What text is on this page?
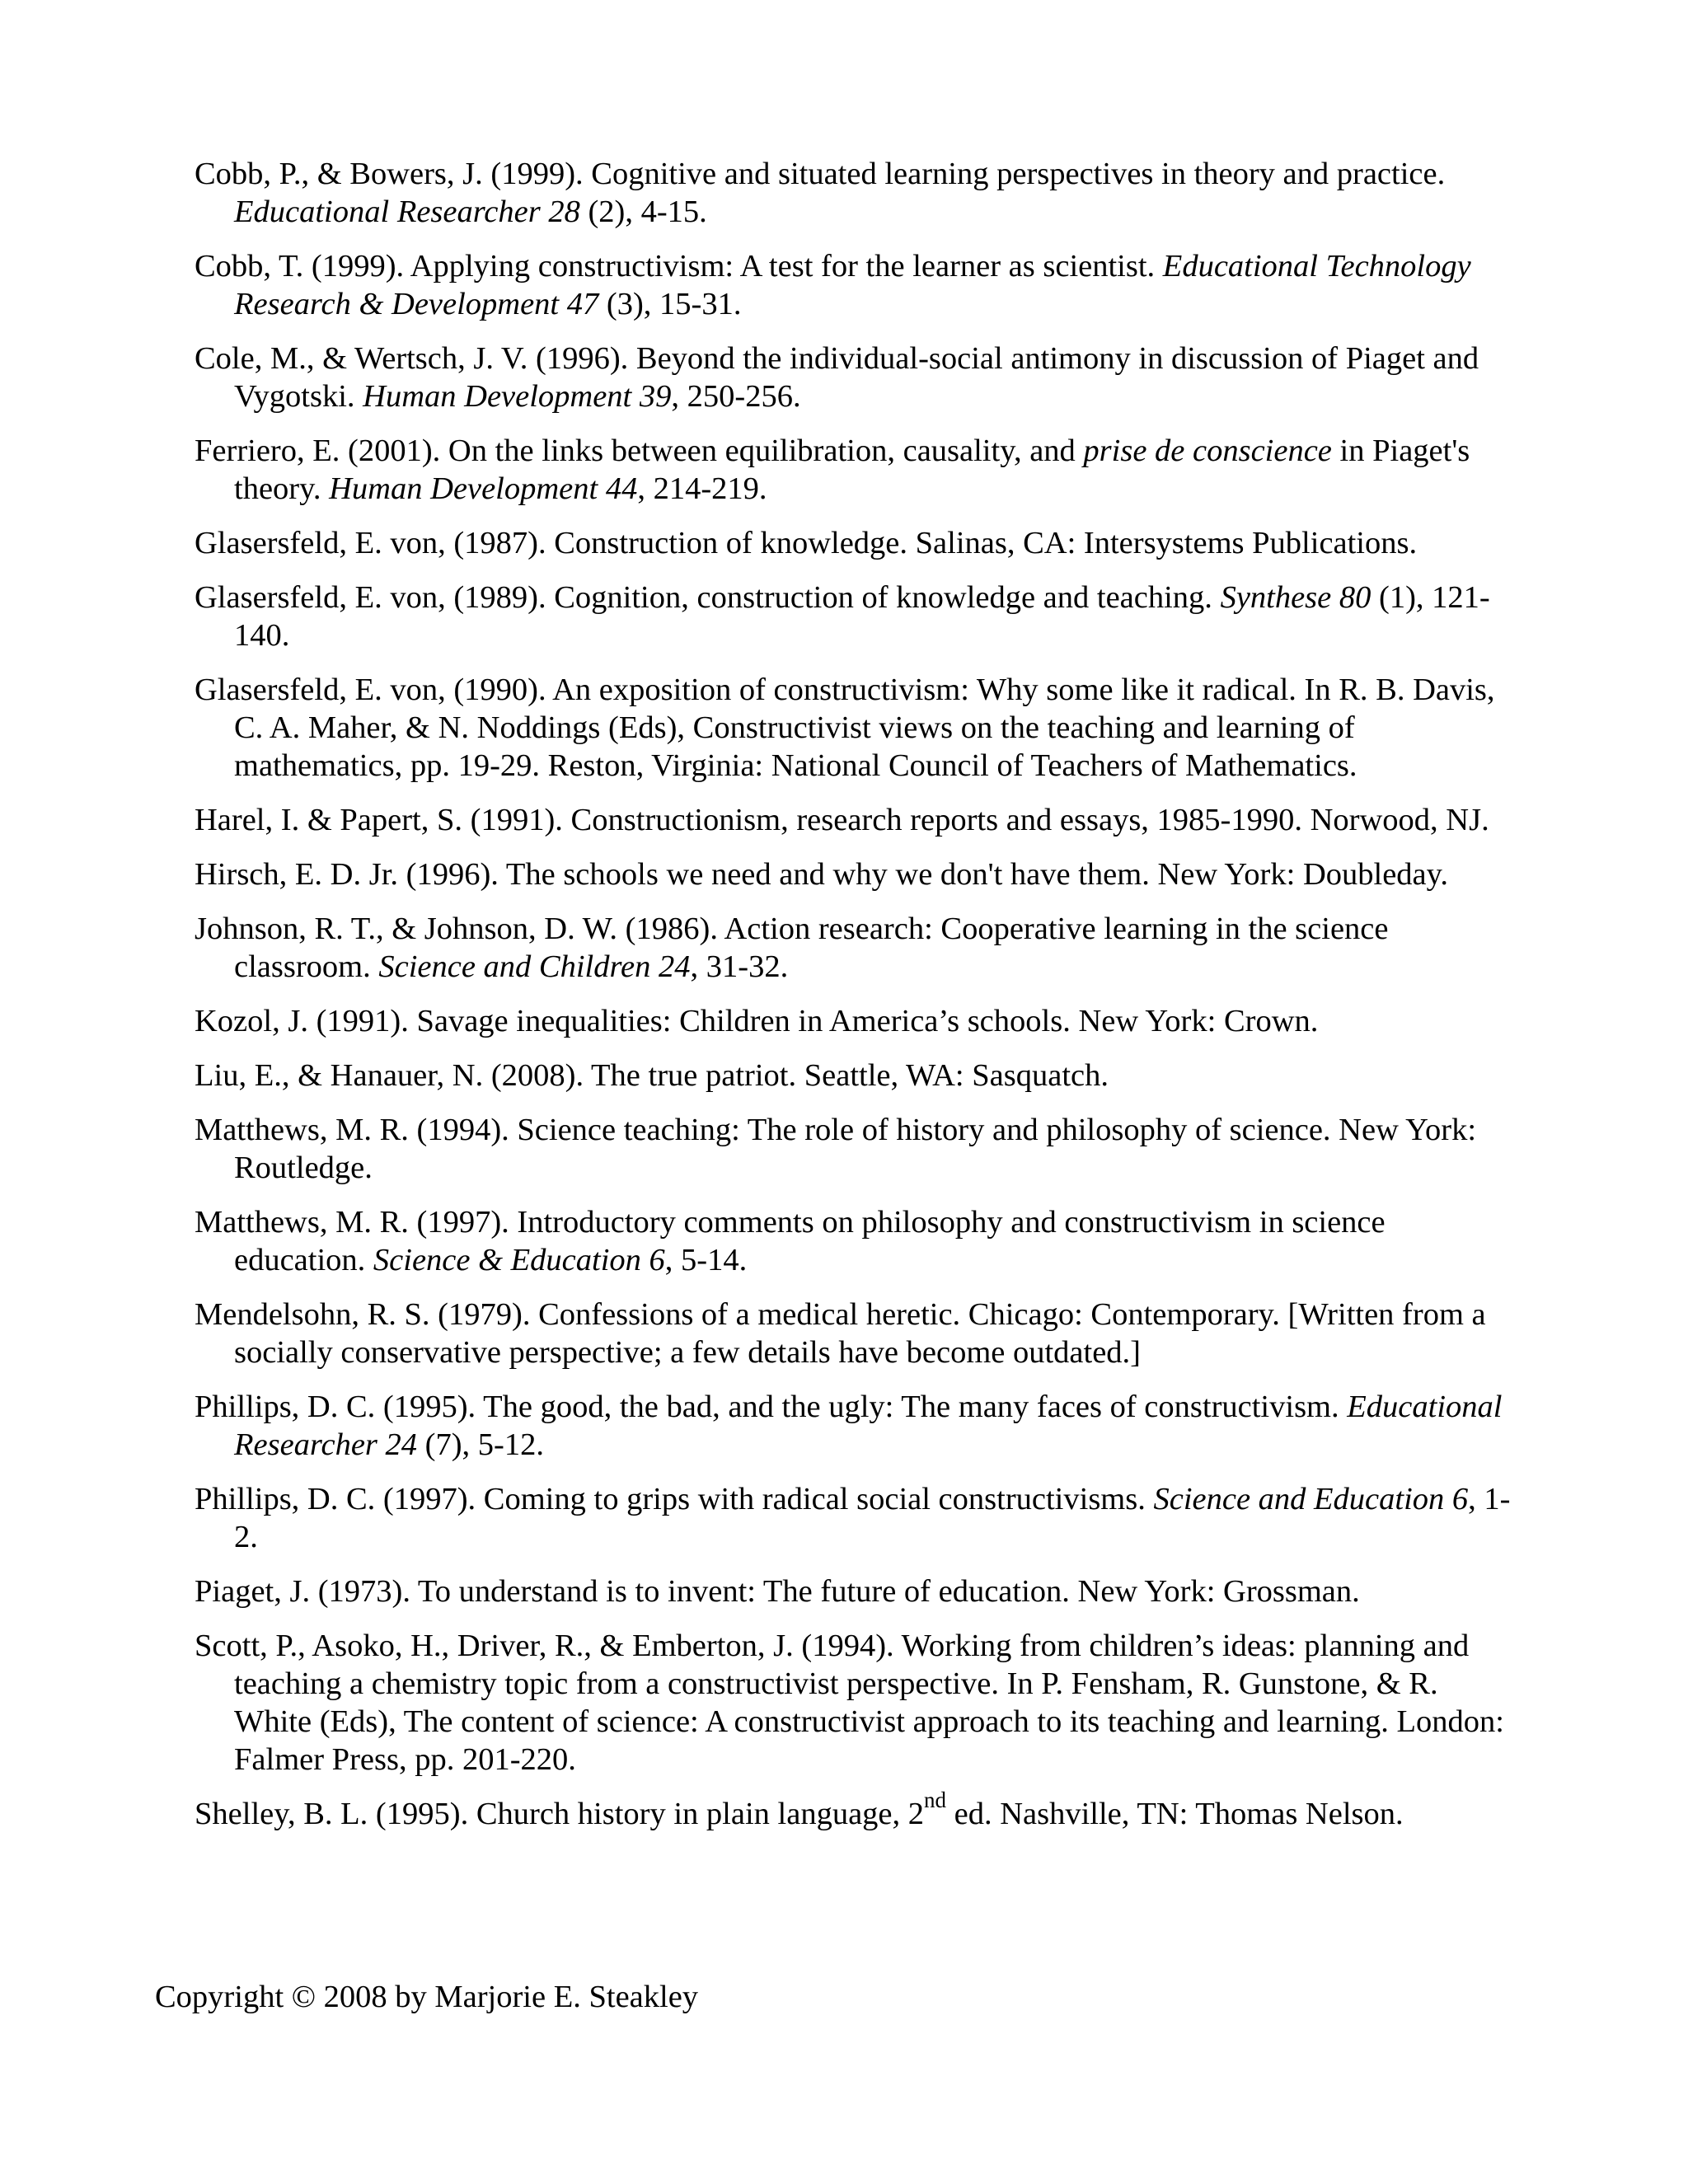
Cobb, P., & Bowers, J. (1999). Cognitive and situated learning perspectives in theory and practice. Educational Researcher 28 (2), 4-15.

Cobb, T. (1999). Applying constructivism: A test for the learner as scientist. Educational Technology Research & Development 47 (3), 15-31.

Cole, M., & Wertsch, J. V. (1996). Beyond the individual-social antimony in discussion of Piaget and Vygotski. Human Development 39, 250-256.

Ferriero, E. (2001). On the links between equilibration, causality, and prise de conscience in Piaget's theory. Human Development 44, 214-219.

Glasersfeld, E. von, (1987). Construction of knowledge. Salinas, CA: Intersystems Publications.

Glasersfeld, E. von, (1989). Cognition, construction of knowledge and teaching. Synthese 80 (1), 121-140.

Glasersfeld, E. von, (1990). An exposition of constructivism: Why some like it radical. In R. B. Davis, C. A. Maher, & N. Noddings (Eds), Constructivist views on the teaching and learning of mathematics, pp. 19-29. Reston, Virginia: National Council of Teachers of Mathematics.

Harel, I. & Papert, S. (1991). Constructionism, research reports and essays, 1985-1990. Norwood, NJ.

Hirsch, E. D. Jr. (1996). The schools we need and why we don't have them. New York: Doubleday.

Johnson, R. T., & Johnson, D. W. (1986). Action research: Cooperative learning in the science classroom. Science and Children 24, 31-32.

Kozol, J. (1991). Savage inequalities: Children in America’s schools. New York: Crown.

Liu, E., & Hanauer, N. (2008). The true patriot. Seattle, WA: Sasquatch.

Matthews, M. R. (1994). Science teaching: The role of history and philosophy of science. New York: Routledge.

Matthews, M. R. (1997). Introductory comments on philosophy and constructivism in science education. Science & Education 6, 5-14.

Mendelsohn, R. S. (1979). Confessions of a medical heretic. Chicago: Contemporary. [Written from a socially conservative perspective; a few details have become outdated.]

Phillips, D. C. (1995). The good, the bad, and the ugly: The many faces of constructivism. Educational Researcher 24 (7), 5-12.

Phillips, D. C. (1997). Coming to grips with radical social constructivisms. Science and Education 6, 1-2.

Piaget, J. (1973). To understand is to invent: The future of education. New York: Grossman.

Scott, P., Asoko, H., Driver, R., & Emberton, J. (1994). Working from children’s ideas: planning and teaching a chemistry topic from a constructivist perspective. In P. Fensham, R. Gunstone, & R. White (Eds), The content of science: A constructivist approach to its teaching and learning. London: Falmer Press, pp. 201-220.

Shelley, B. L. (1995). Church history in plain language, 2nd ed. Nashville, TN: Thomas Nelson.

Copyright © 2008 by Marjorie E. Steakley
